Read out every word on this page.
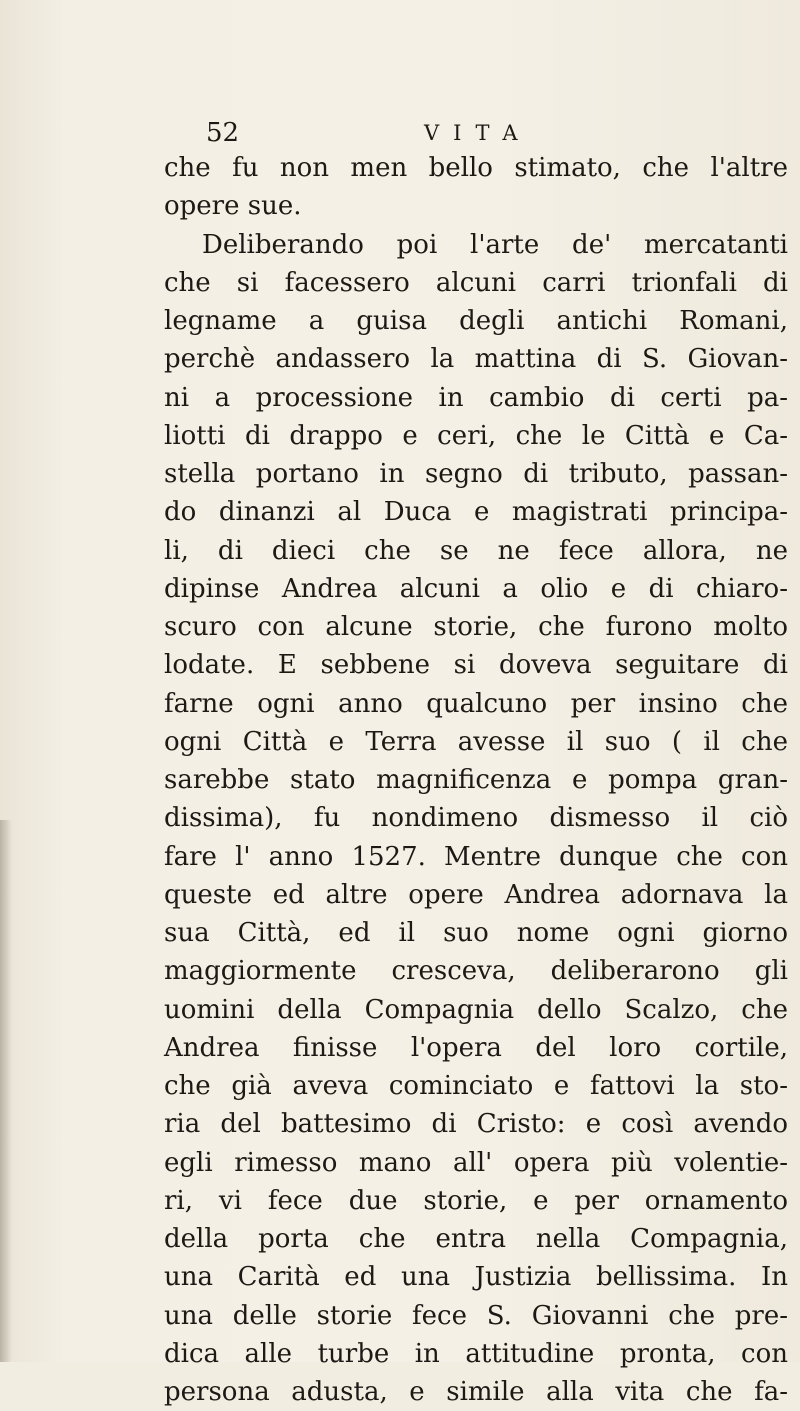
52	VITA
che fu non men bello stimato, che l'altre
opere sue.
Deliberando poi l'arte de' mercatanti
che si facessero alcuni carri trionfali di
legname a guisa degli antichi Romani,
perchè andassero la mattina di S. Giovan-
ni a processione in cambio di certi pa-
liotti di drappo e ceri, che le Città e Ca-
stella portano in segno di tributo, passan-
do dinanzi al Duca e magistrati principa-
li, di dieci che se ne fece allora, ne
dipinse Andrea alcuni a olio e di chiaro-
scuro con alcune storie, che furono molto
lodate. E sebbene si doveva seguitare di
farne ogni anno qualcuno per insino che
ogni Città e Terra avesse il suo ( il che
sarebbe stato magnificenza e pompa gran-
dissima), fu nondimeno dismesso il ciò
fare l' anno 1527. Mentre dunque che con
queste ed altre opere Andrea adornava la
sua Città, ed il suo nome ogni giorno
maggiormente cresceva, deliberarono gli
uomini della Compagnia dello Scalzo, che
Andrea finisse l'opera del loro cortile,
che già aveva cominciato e fattovi la sto-
ria del battesimo di Cristo: e così avendo
egli rimesso mano all' opera più volentie-
ri, vi fece due storie, e per ornamento
della porta che entra nella Compagnia,
una Carità ed una Justizia bellissima. In
una delle storie fece S. Giovanni che pre-
dica alle turbe in attitudine pronta, con
persona adusta, e simile alla vita che fa-
